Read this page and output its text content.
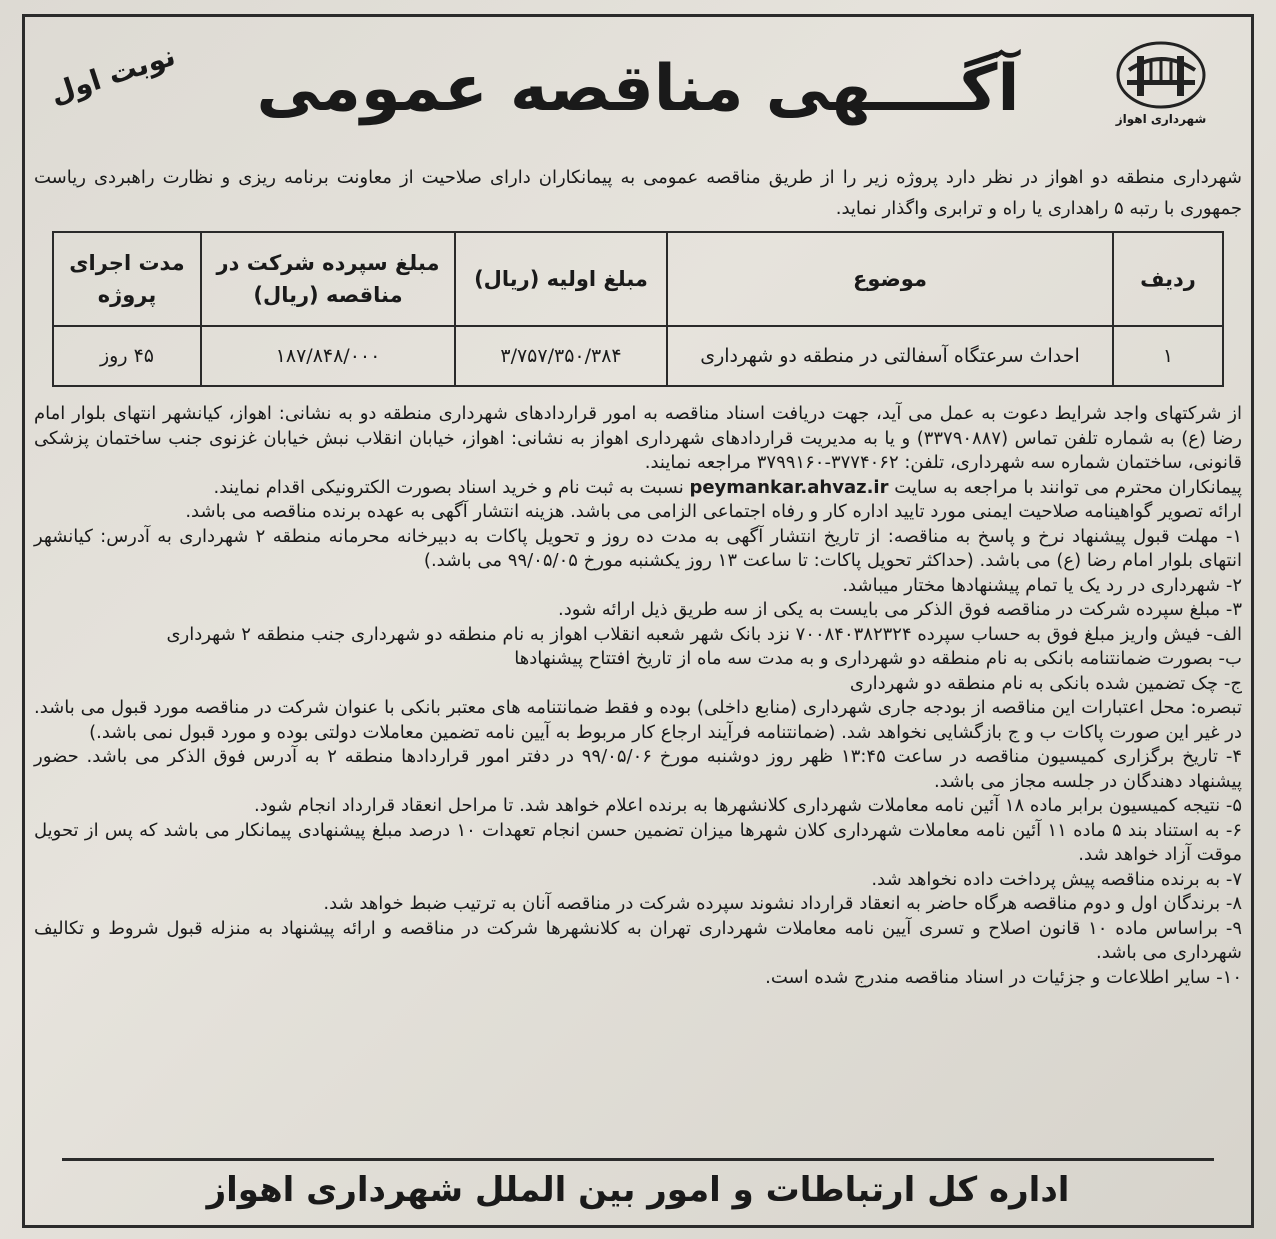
شهرداری اهواز
آگــــهی مناقصه عمومی
نوبت اول
شهرداری منطقه دو اهواز در نظر دارد پروژه زیر را از طریق مناقصه عمومی به پیمانکاران دارای صلاحیت از معاونت برنامه ریزی و نظارت راهبردی ریاست جمهوری با رتبه ۵ راهداری یا راه و ترابری واگذار نماید.
ردیف	موضوع	مبلغ اولیه (ریال)	مبلغ سپرده شرکت در مناقصه (ریال)	مدت اجرای پروژه
۱	احداث سرعتگاه آسفالتی در منطقه دو شهرداری	۳/۷۵۷/۳۵۰/۳۸۴	۱۸۷/۸۴۸/۰۰۰	۴۵ روز

از شرکتهای واجد شرایط دعوت به عمل می آید، جهت دریافت اسناد مناقصه به امور قراردادهای شهرداری منطقه دو به نشانی: اهواز، کیانشهر انتهای بلوار امام رضا (ع) به شماره تلفن تماس (۳۳۷۹۰۸۸۷) و یا به مدیریت قراردادهای شهرداری اهواز به نشانی: اهواز، خیابان انقلاب نبش خیابان غزنوی جنب ساختمان پزشکی قانونی، ساختمان شماره سه شهرداری، تلفن: ۳۷۷۴۰۶۲-۳۷۹۹۱۶۰ مراجعه نمایند.

پیمانکاران محترم می توانند با مراجعه به سایت peymankar.ahvaz.ir نسبت به ثبت نام و خرید اسناد بصورت الکترونیکی اقدام نمایند.

ارائه تصویر گواهینامه صلاحیت ایمنی مورد تایید اداره کار و رفاه اجتماعی الزامی می باشد. هزینه انتشار آگهی به عهده برنده مناقصه می باشد.

۱- مهلت قبول پیشنهاد نرخ و پاسخ به مناقصه: از تاریخ انتشار آگهی به مدت ده روز و تحویل پاکات به دبیرخانه محرمانه منطقه ۲ شهرداری به آدرس: کیانشهر انتهای بلوار امام رضا (ع) می باشد. (حداکثر تحویل پاکات: تا ساعت ۱۳ روز یکشنبه مورخ ۹۹/۰۵/۰۵ می باشد.)

۲- شهرداری در رد یک یا تمام پیشنهادها مختار میباشد.

۳- مبلغ سپرده شرکت در مناقصه فوق الذکر می بایست به یکی از سه طریق ذیل ارائه شود.

الف- فیش واریز مبلغ فوق به حساب سپرده ۷۰۰۸۴۰۳۸۲۳۲۴ نزد بانک شهر شعبه انقلاب اهواز به نام منطقه دو شهرداری جنب منطقه ۲ شهرداری

ب- بصورت ضمانتنامه بانکی به نام منطقه دو شهرداری و به مدت سه ماه از تاریخ افتتاح پیشنهادها

ج- چک تضمین شده بانکی به نام منطقه دو شهرداری

تبصره: محل اعتبارات این مناقصه از بودجه جاری شهرداری (منابع داخلی) بوده و فقط ضمانتنامه های معتبر بانکی با عنوان شرکت در مناقصه مورد قبول می باشد. در غیر این صورت پاکات ب و ج بازگشایی نخواهد شد. (ضمانتنامه فرآیند ارجاع کار مربوط به آیین نامه تضمین معاملات دولتی بوده و مورد قبول نمی باشد.)

۴- تاریخ برگزاری کمیسیون مناقصه در ساعت ۱۳:۴۵ ظهر روز دوشنبه مورخ ۹۹/۰۵/۰۶ در دفتر امور قراردادها منطقه ۲ به آدرس فوق الذکر می باشد. حضور پیشنهاد دهندگان در جلسه مجاز می باشد.

۵- نتیجه کمیسیون برابر ماده ۱۸ آئین نامه معاملات شهرداری کلانشهرها به برنده اعلام خواهد شد. تا مراحل انعقاد قرارداد انجام شود.

۶- به استناد بند ۵ ماده ۱۱ آئین نامه معاملات شهرداری کلان شهرها میزان تضمین حسن انجام تعهدات ۱۰ درصد مبلغ پیشنهادی پیمانکار می باشد که پس از تحویل موقت آزاد خواهد شد.

۷- به برنده مناقصه پیش پرداخت داده نخواهد شد.

۸- برندگان اول و دوم مناقصه هرگاه حاضر به انعقاد قرارداد نشوند سپرده شرکت در مناقصه آنان به ترتیب ضبط خواهد شد.

۹- براساس ماده ۱۰ قانون اصلاح و تسری آیین نامه معاملات شهرداری تهران به کلانشهرها شرکت در مناقصه و ارائه پیشنهاد به منزله قبول شروط و تکالیف شهرداری می باشد.

۱۰- سایر اطلاعات و جزئیات در اسناد مناقصه مندرج شده است.

اداره کل ارتباطات و امور بین الملل شهرداری اهواز
